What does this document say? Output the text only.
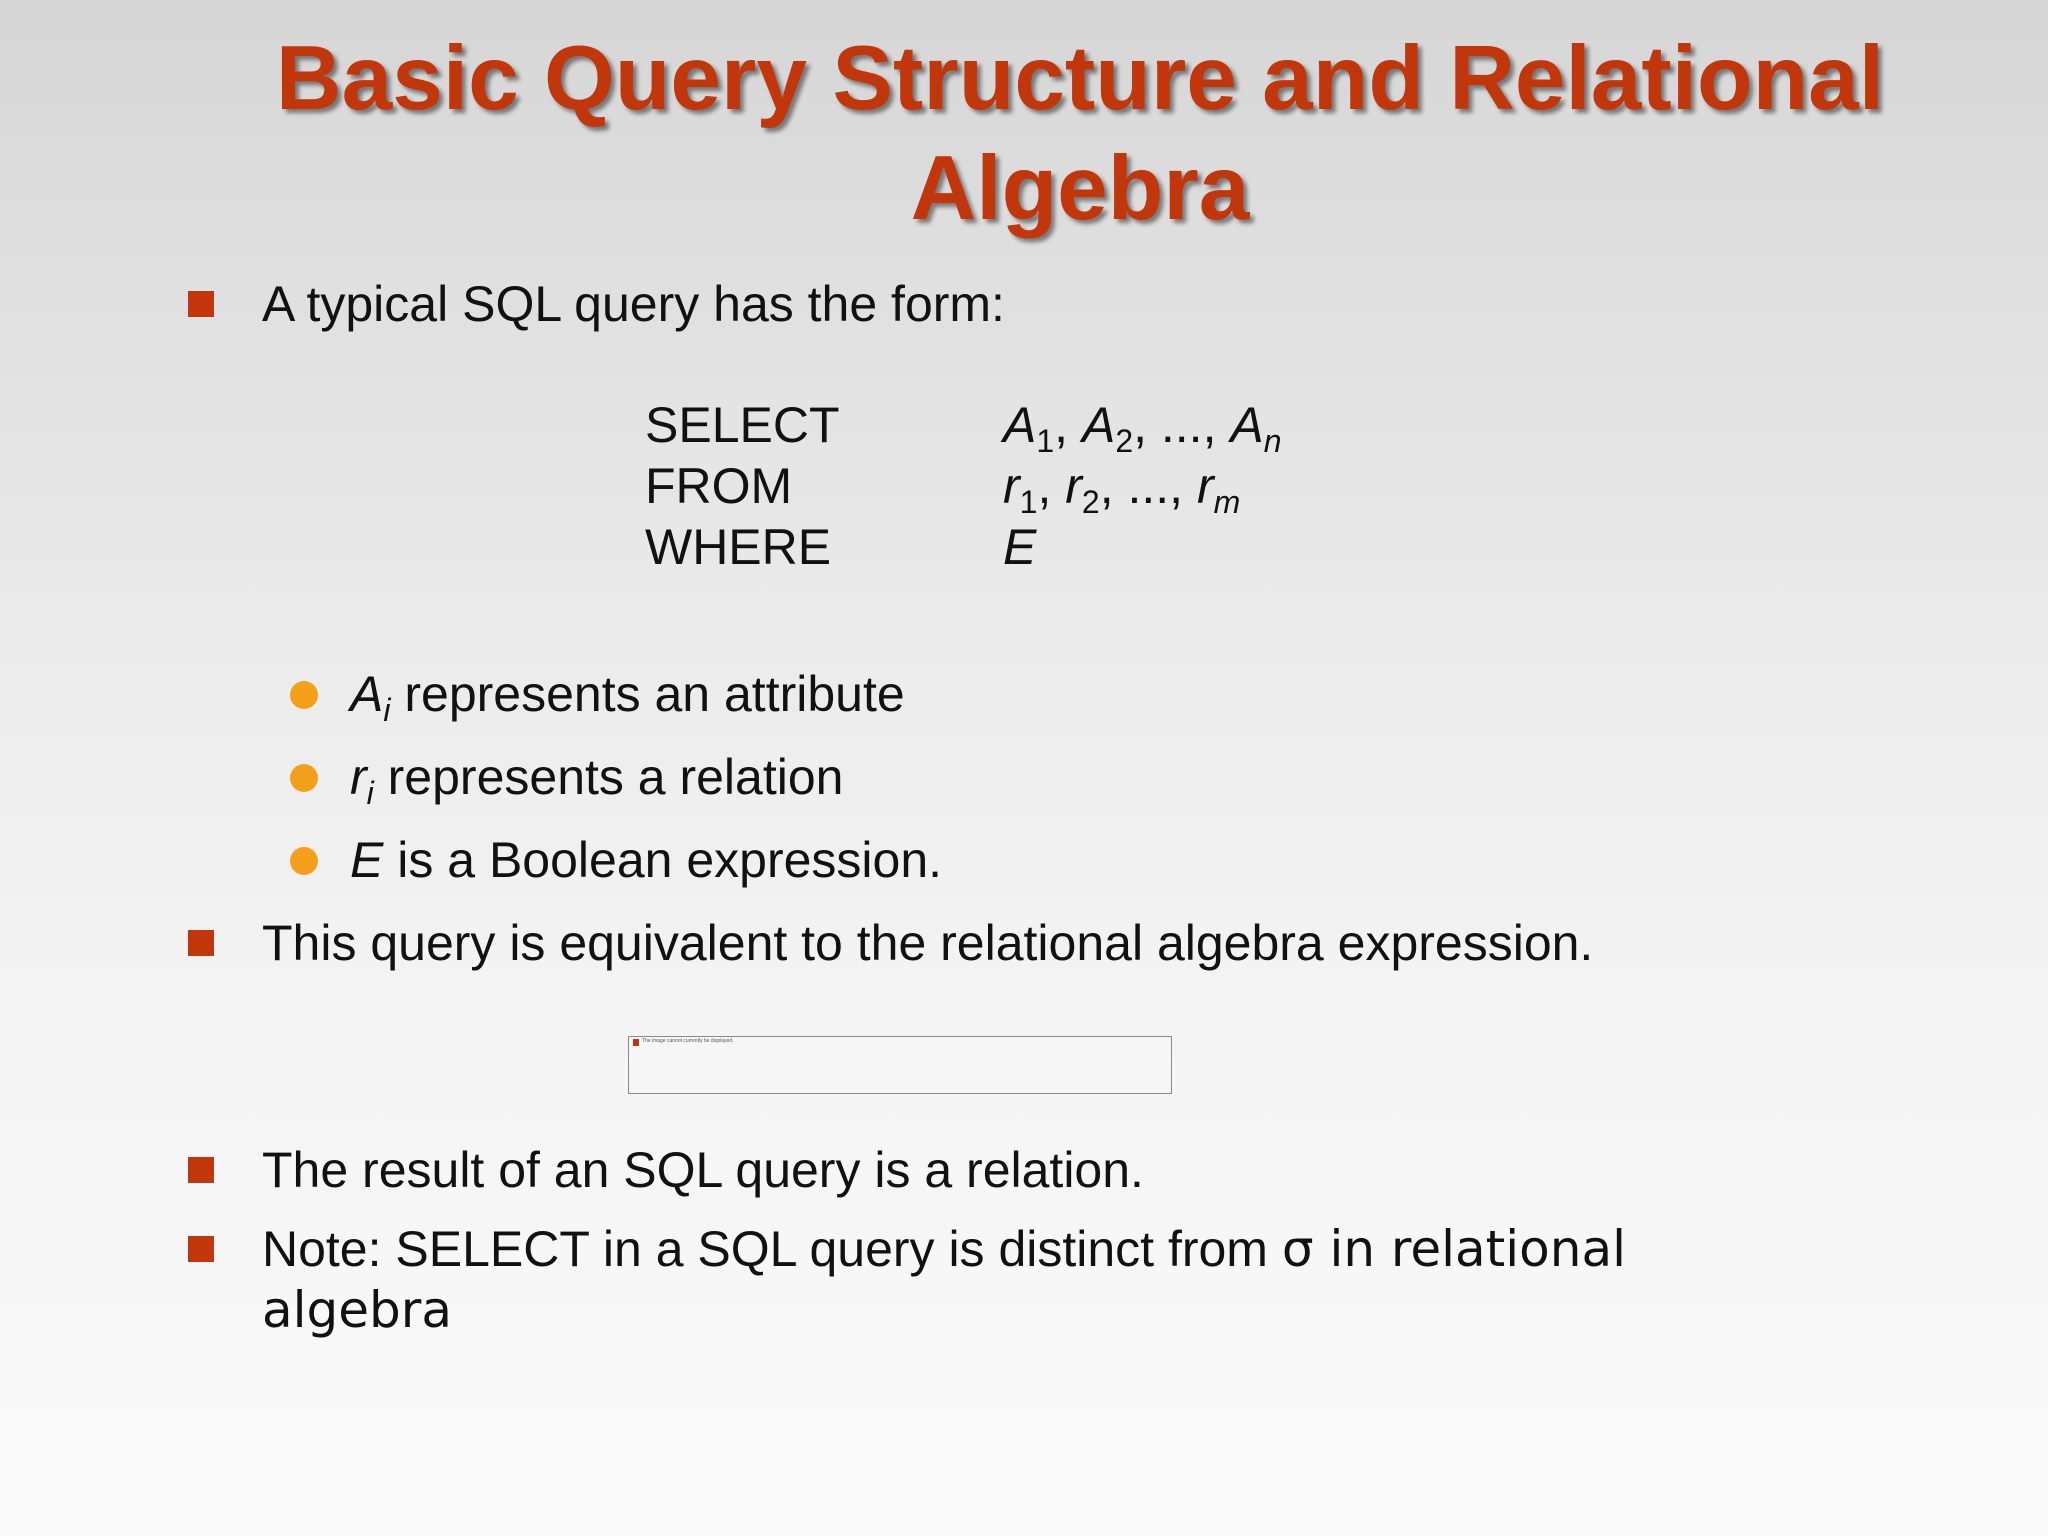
Basic Query Structure and Relational
Algebra
A typical SQL query has the form:
SELECT
FROM
WHERE
$A_1$, $A_2$, ..., $A_n$
$r_1$, $r_2$, ..., $r_m$
E
$A_i$ represents an attribute
$r_i$ represents a relation
E is a Boolean expression.
This query is equivalent to the relational algebra expression.
The image cannot currently be displayed.
The result of an SQL query is a relation.
Note: SELECT in a SQL query is distinct from σ in relational
algebra
